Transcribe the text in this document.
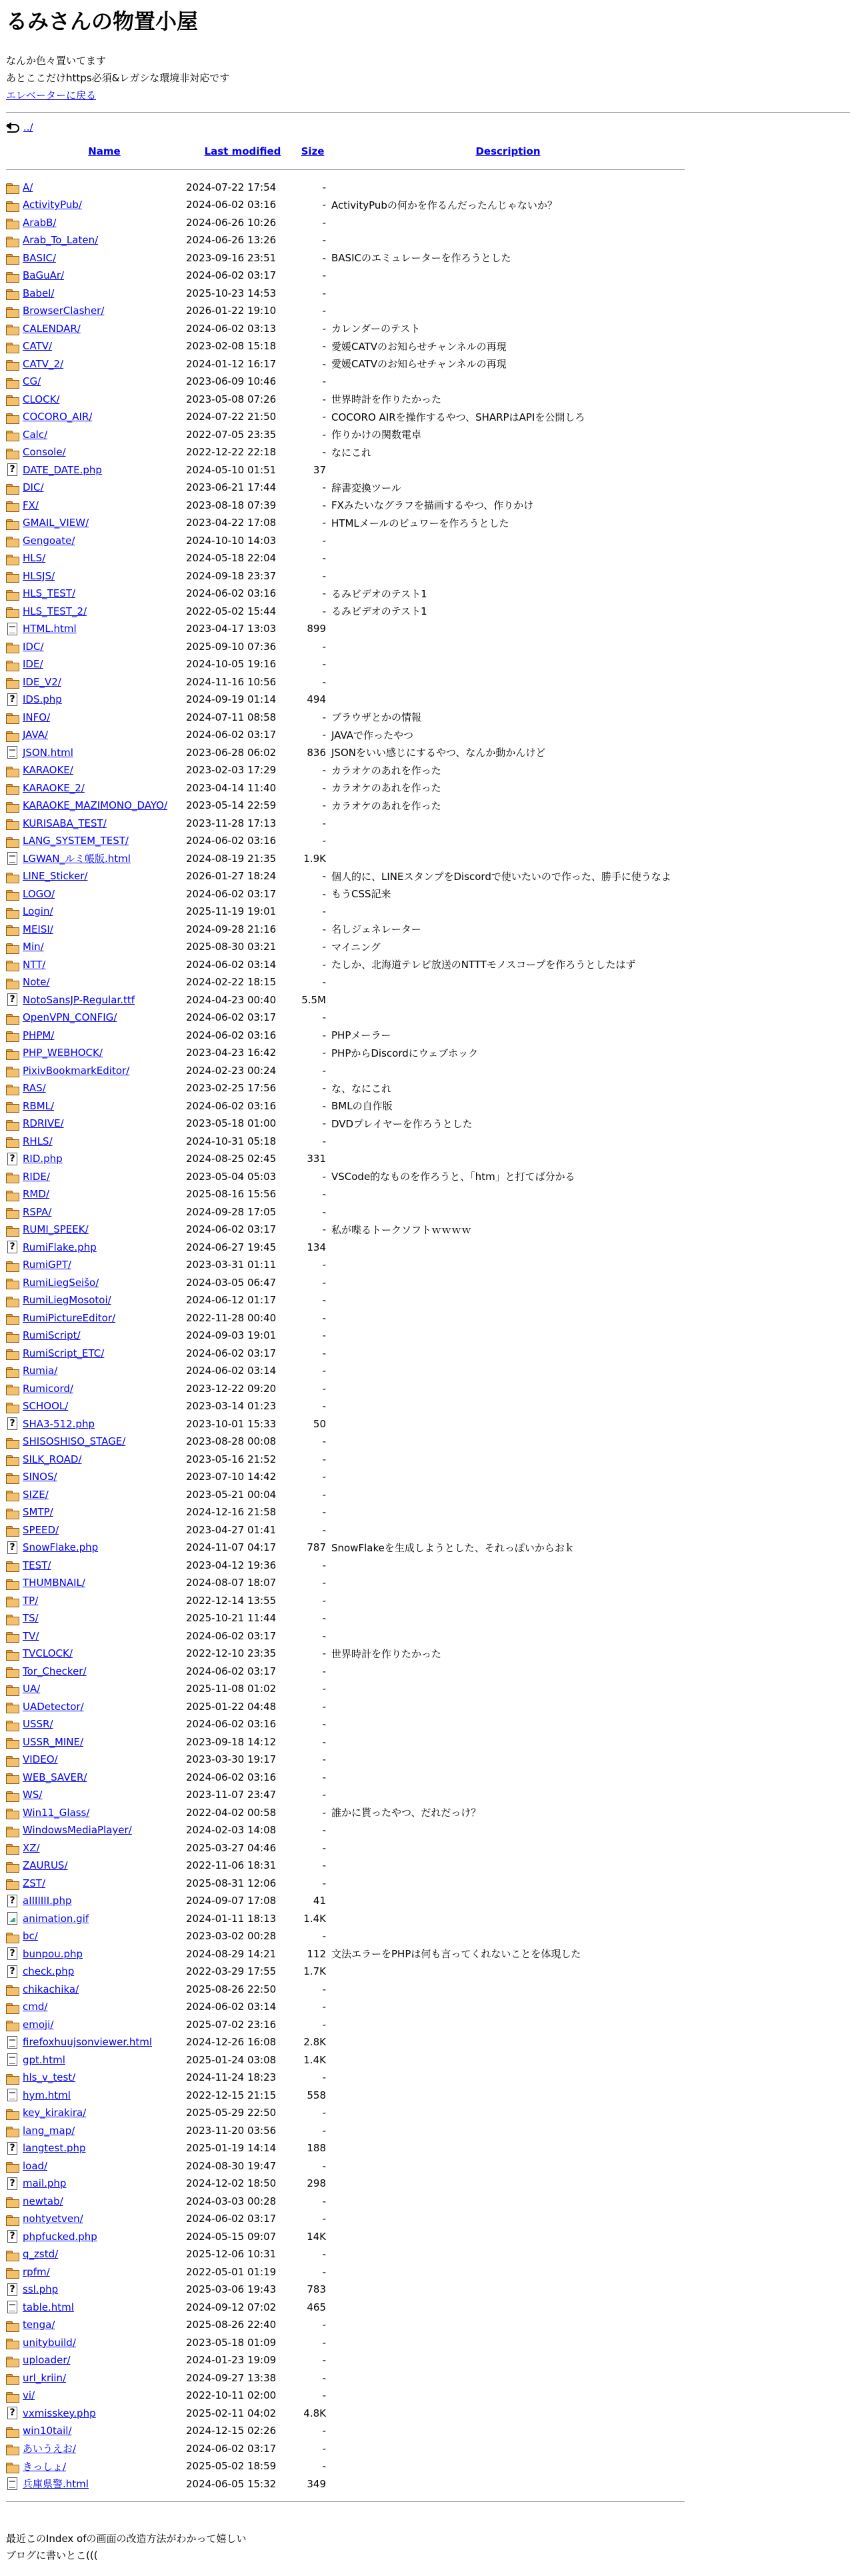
るみさんの物置小屋
なんか色々置いてます
あとここだけhttps必須&レガシな環境非対応です
エレベーターに戻る
../
	Name	Last modified	Size	Description

	A/	2024-07-22 17:54	-	
	ActivityPub/	2024-06-02 03:16	-	ActivityPubの何かを作るんだったんじゃないか？
	ArabB/	2024-06-26 10:26	-	
	Arab_To_Laten/	2024-06-26 13:26	-	
	BASIC/	2023-09-16 23:51	-	BASICのエミュレーターを作ろうとした
	BaGuAr/	2024-06-02 03:17	-	
	Babel/	2025-10-23 14:53	-	
	BrowserClasher/	2026-01-22 19:10	-	
	CALENDAR/	2024-06-02 03:13	-	カレンダーのテスト
	CATV/	2023-02-08 15:18	-	愛媛CATVのお知らせチャンネルの再現
	CATV_2/	2024-01-12 16:17	-	愛媛CATVのお知らせチャンネルの再現
	CG/	2023-06-09 10:46	-	
	CLOCK/	2023-05-08 07:26	-	世界時計を作りたかった
	COCORO_AIR/	2024-07-22 21:50	-	COCORO AIRを操作するやつ、SHARPはAPIを公開しろ
	Calc/	2022-07-05 23:35	-	作りかけの関数電卓
	Console/	2022-12-22 22:18	-	なにこれ
?	DATE_DATE.php	2024-05-10 01:51	37	
	DIC/	2023-06-21 17:44	-	辞書変換ツール
	FX/	2023-08-18 07:39	-	FXみたいなグラフを描画するやつ、作りかけ
	GMAIL_VIEW/	2023-04-22 17:08	-	HTMLメールのビュワーを作ろうとした
	Gengoate/	2024-10-10 14:03	-	
	HLS/	2024-05-18 22:04	-	
	HLSJS/	2024-09-18 23:37	-	
	HLS_TEST/	2024-06-02 03:16	-	るみビデオのテスト1
	HLS_TEST_2/	2022-05-02 15:44	-	るみビデオのテスト1
	HTML.html	2023-04-17 13:03	899	
	IDC/	2025-09-10 07:36	-	
	IDE/	2024-10-05 19:16	-	
	IDE_V2/	2024-11-16 10:56	-	
?	IDS.php	2024-09-19 01:14	494	
	INFO/	2024-07-11 08:58	-	ブラウザとかの情報
	JAVA/	2024-06-02 03:17	-	JAVAで作ったやつ
	JSON.html	2023-06-28 06:02	836	JSONをいい感じにするやつ、なんか動かんけど
	KARAOKE/	2023-02-03 17:29	-	カラオケのあれを作った
	KARAOKE_2/	2023-04-14 11:40	-	カラオケのあれを作った
	KARAOKE_MAZIMONO_DAYO/	2023-05-14 22:59	-	カラオケのあれを作った
	KURISABA_TEST/	2023-11-28 17:13	-	
	LANG_SYSTEM_TEST/	2024-06-02 03:16	-	
	LGWAN_ルミ帳版.html	2024-08-19 21:35	1.9K	
	LINE_Sticker/	2026-01-27 18:24	-	個人的に、LINEスタンプをDiscordで使いたいので作った、勝手に使うなよ
	LOGO/	2024-06-02 03:17	-	もうCSS記来
	Login/	2025-11-19 19:01	-	
	MEISI/	2024-09-28 21:16	-	名しジェネレーター
	Min/	2025-08-30 03:21	-	マイニング
	NTT/	2024-06-02 03:14	-	たしか、北海道テレビ放送のNTTTモノスコープを作ろうとしたはず
	Note/	2024-02-22 18:15	-	
?	NotoSansJP-Regular.ttf	2024-04-23 00:40	5.5M	
	OpenVPN_CONFIG/	2024-06-02 03:17	-	
	PHPM/	2024-06-02 03:16	-	PHPメーラー
	PHP_WEBHOCK/	2023-04-23 16:42	-	PHPからDiscordにウェブホック
	PixivBookmarkEditor/	2024-02-23 00:24	-	
	RAS/	2023-02-25 17:56	-	な、なにこれ
	RBML/	2024-06-02 03:16	-	BMLの自作版
	RDRIVE/	2023-05-18 01:00	-	DVDプレイヤーを作ろうとした
	RHLS/	2024-10-31 05:18	-	
?	RID.php	2024-08-25 02:45	331	
	RIDE/	2023-05-04 05:03	-	VSCode的なものを作ろうと、「htm」と打てば分かる
	RMD/	2025-08-16 15:56	-	
	RSPA/	2024-09-28 17:05	-	
	RUMI_SPEEK/	2024-06-02 03:17	-	私が喋るトークソフトｗｗｗｗ
?	RumiFlake.php	2024-06-27 19:45	134	
	RumiGPT/	2023-03-31 01:11	-	
	RumiLiegSeišo/	2024-03-05 06:47	-	
	RumiLiegMosotoi/	2024-06-12 01:17	-	
	RumiPictureEditor/	2022-11-28 00:40	-	
	RumiScript/	2024-09-03 19:01	-	
	RumiScript_ETC/	2024-06-02 03:17	-	
	Rumia/	2024-06-02 03:14	-	
	Rumicord/	2023-12-22 09:20	-	
	SCHOOL/	2023-03-14 01:23	-	
?	SHA3-512.php	2023-10-01 15:33	50	
	SHISOSHISO_STAGE/	2023-08-28 00:08	-	
	SILK_ROAD/	2023-05-16 21:52	-	
	SINOS/	2023-07-10 14:42	-	
	SIZE/	2023-05-21 00:04	-	
	SMTP/	2024-12-16 21:58	-	
	SPEED/	2023-04-27 01:41	-	
?	SnowFlake.php	2024-11-07 04:17	787	SnowFlakeを生成しようとした、それっぽいからおｋ
	TEST/	2023-04-12 19:36	-	
	THUMBNAIL/	2024-08-07 18:07	-	
	TP/	2022-12-14 13:55	-	
	TS/	2025-10-21 11:44	-	
	TV/	2024-06-02 03:17	-	
	TVCLOCK/	2022-12-10 23:35	-	世界時計を作りたかった
	Tor_Checker/	2024-06-02 03:17	-	
	UA/	2025-11-08 01:02	-	
	UADetector/	2025-01-22 04:48	-	
	USSR/	2024-06-02 03:16	-	
	USSR_MINE/	2023-09-18 14:12	-	
	VIDEO/	2023-03-30 19:17	-	
	WEB_SAVER/	2024-06-02 03:16	-	
	WS/	2023-11-07 23:47	-	
	Win11_Glass/	2022-04-02 00:58	-	誰かに貰ったやつ、だれだっけ？
	WindowsMediaPlayer/	2024-02-03 14:08	-	
	XZ/	2025-03-27 04:46	-	
	ZAURUS/	2022-11-06 18:31	-	
	ZST/	2025-08-31 12:06	-	
?	aIIIIIII.php	2024-09-07 17:08	41	
	animation.gif	2024-01-11 18:13	1.4K	
	bc/	2023-03-02 00:28	-	
?	bunpou.php	2024-08-29 14:21	112	文法エラーをPHPは何も言ってくれないことを体現した
?	check.php	2022-03-29 17:55	1.7K	
	chikachika/	2025-08-26 22:50	-	
	cmd/	2024-06-02 03:14	-	
	emoji/	2025-07-02 23:16	-	
	firefoxhuujsonviewer.html	2024-12-26 16:08	2.8K	
	gpt.html	2025-01-24 03:08	1.4K	
	hls_v_test/	2024-11-24 18:23	-	
	hym.html	2022-12-15 21:15	558	
	key_kirakira/	2025-05-29 22:50	-	
	lang_map/	2023-11-20 03:56	-	
?	langtest.php	2025-01-19 14:14	188	
	load/	2024-08-30 19:47	-	
?	mail.php	2024-12-02 18:50	298	
	newtab/	2024-03-03 00:28	-	
	nohtyetven/	2024-06-02 03:17	-	
?	phpfucked.php	2024-05-15 09:07	14K	
	q_zstd/	2025-12-06 10:31	-	
	rpfm/	2022-05-01 01:19	-	
?	ssl.php	2025-03-06 19:43	783	
	table.html	2024-09-12 07:02	465	
	tenga/	2025-08-26 22:40	-	
	unitybuild/	2023-05-18 01:09	-	
	uploader/	2024-01-23 19:09	-	
	url_kriin/	2024-09-27 13:38	-	
	vi/	2022-10-11 02:00	-	
?	vxmisskey.php	2025-02-11 04:02	4.8K	
	win10tail/	2024-12-15 02:26	-	
	あいうえお/	2024-06-02 03:17	-	
	きっしょ/	2025-05-02 18:59	-	
	兵庫県警.html	2024-06-05 15:32	349	

最近このIndex ofの画面の改造方法がわかって嬉しい
ブログに書いとこ(((
